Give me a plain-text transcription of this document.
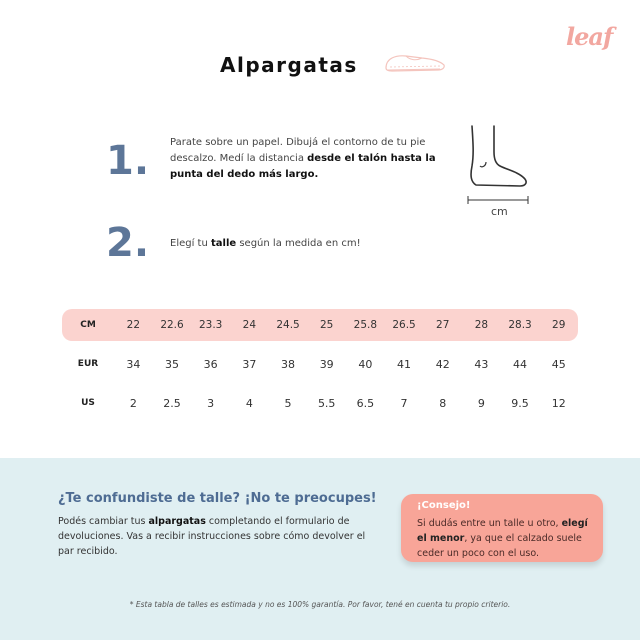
leaf
Alpargatas
1. Parate sobre un papel. Dibujá el contorno de tu pie descalzo. Medí la distancia desde el talón hasta la punta del dedo más largo.
cm
2. Elegí tu talle según la medida en cm!
CM	22	22.6	23.3	24	24.5	25	25.8	26.5	27	28	28.3	29
EUR	34	35	36	37	38	39	40	41	42	43	44	45
US	2	2.5	3	4	5	5.5	6.5	7	8	9	9.5	12
¿Te confundiste de talle? ¡No te preocupes!
Podés cambiar tus alpargatas completando el formulario de devoluciones. Vas a recibir instrucciones sobre cómo devolver el par recibido.
¡Consejo!
Si dudás entre un talle u otro, elegí el menor, ya que el calzado suele ceder un poco con el uso.
* Esta tabla de talles es estimada y no es 100% garantía. Por favor, tené en cuenta tu propio criterio.
